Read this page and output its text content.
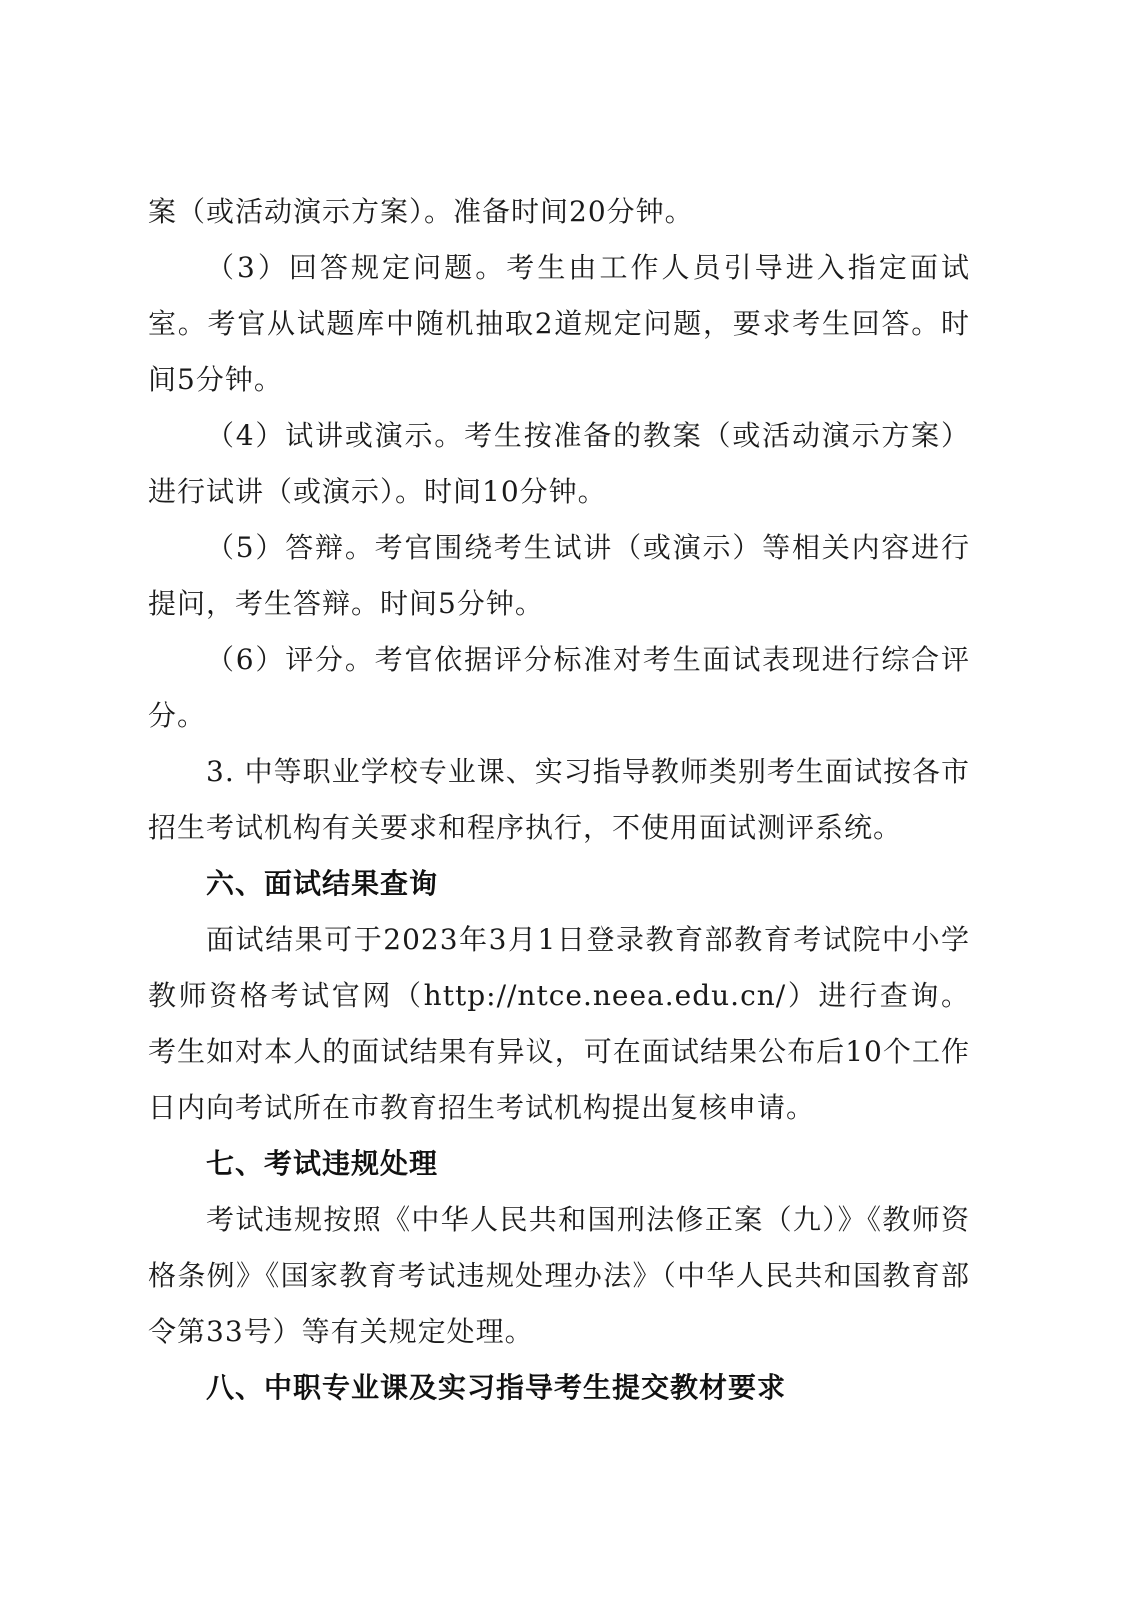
案（或活动演示方案）。准备时间20分钟。

（3）回答规定问题。考生由工作人员引导进入指定面试室。考官从试题库中随机抽取2道规定问题，要求考生回答。时间5分钟。

（4）试讲或演示。考生按准备的教案（或活动演示方案）进行试讲（或演示）。时间10分钟。

（5）答辩。考官围绕考生试讲（或演示）等相关内容进行提问，考生答辩。时间5分钟。

（6）评分。考官依据评分标准对考生面试表现进行综合评分。

3. 中等职业学校专业课、实习指导教师类别考生面试按各市招生考试机构有关要求和程序执行，不使用面试测评系统。

六、面试结果查询

面试结果可于2023年3月1日登录教育部教育考试院中小学教师资格考试官网（http://ntce.neea.edu.cn/）进行查询。考生如对本人的面试结果有异议，可在面试结果公布后10个工作日内向考试所在市教育招生考试机构提出复核申请。

七、考试违规处理

考试违规按照《中华人民共和国刑法修正案（九）》《教师资格条例》《国家教育考试违规处理办法》（中华人民共和国教育部令第33号）等有关规定处理。

八、中职专业课及实习指导考生提交教材要求
